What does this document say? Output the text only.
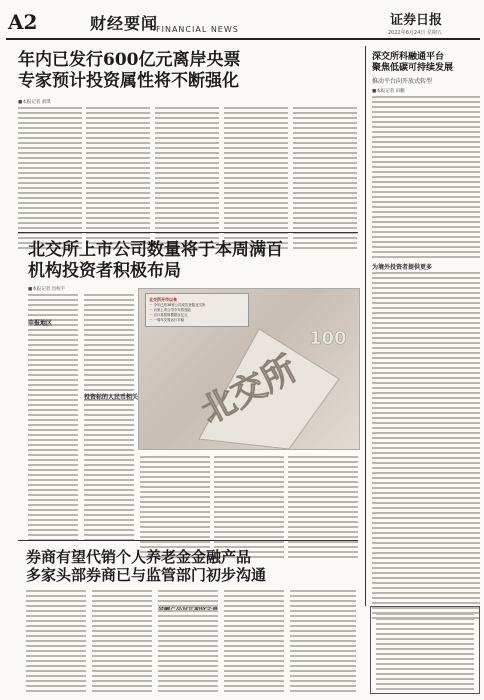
A2	财经要闻
FINANCIAL NEWS
证券日报
2022年6月24日 星期五
年内已发行600亿元离岸央票
专家预计投资属性将不断强化
■本报记者 刘琪
深交所科融通平台
聚焦低碳可持续发展
推动平台向开放式转型
■本报记者 田鹏
为境外投资者提供更多
北交所上市公司数量将于本周满百
机构投资者积极布局
■本报记者 昌校宇
申报地区
投资标的人民币相关 北交所
100

北交所开市以来

一 今年已有38家公司成功登陆北交所

一 百家上市公司今年将登陆

一 合计募资规模超百亿元

一 一周年交易运行平稳

券商有望代销个人养老金金融产品
多家头部券商已与监管部门初步沟通
